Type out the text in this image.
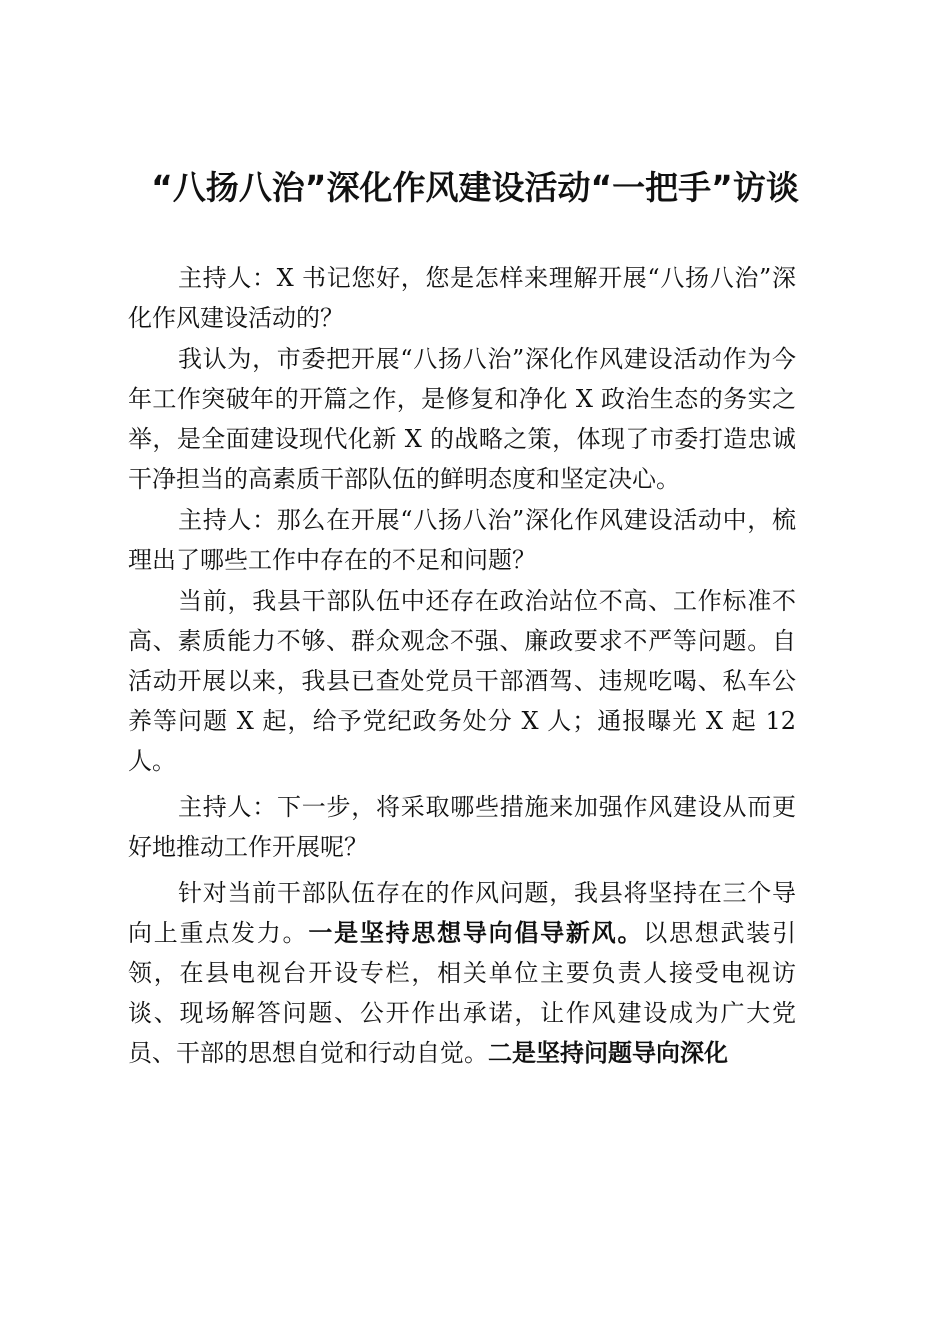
“八扬八治”深化作风建设活动“一把手”访谈

主持人：X 书记您好，您是怎样来理解开展“八扬八治”深化作风建设活动的？

我认为，市委把开展“八扬八治”深化作风建设活动作为今年工作突破年的开篇之作，是修复和净化 X 政治生态的务实之举，是全面建设现代化新 X 的战略之策，体现了市委打造忠诚干净担当的高素质干部队伍的鲜明态度和坚定决心。

主持人：那么在开展“八扬八治”深化作风建设活动中，梳理出了哪些工作中存在的不足和问题？

当前，我县干部队伍中还存在政治站位不高、工作标准不高、素质能力不够、群众观念不强、廉政要求不严等问题。自活动开展以来，我县已查处党员干部酒驾、违规吃喝、私车公养等问题 X 起，给予党纪政务处分 X 人；通报曝光 X 起 12 人。

主持人：下一步，将采取哪些措施来加强作风建设从而更好地推动工作开展呢？

针对当前干部队伍存在的作风问题，我县将坚持在三个导向上重点发力。一是坚持思想导向倡导新风。以思想武装引领，在县电视台开设专栏，相关单位主要负责人接受电视访谈、现场解答问题、公开作出承诺，让作风建设成为广大党员、干部的思想自觉和行动自觉。二是坚持问题导向深化
